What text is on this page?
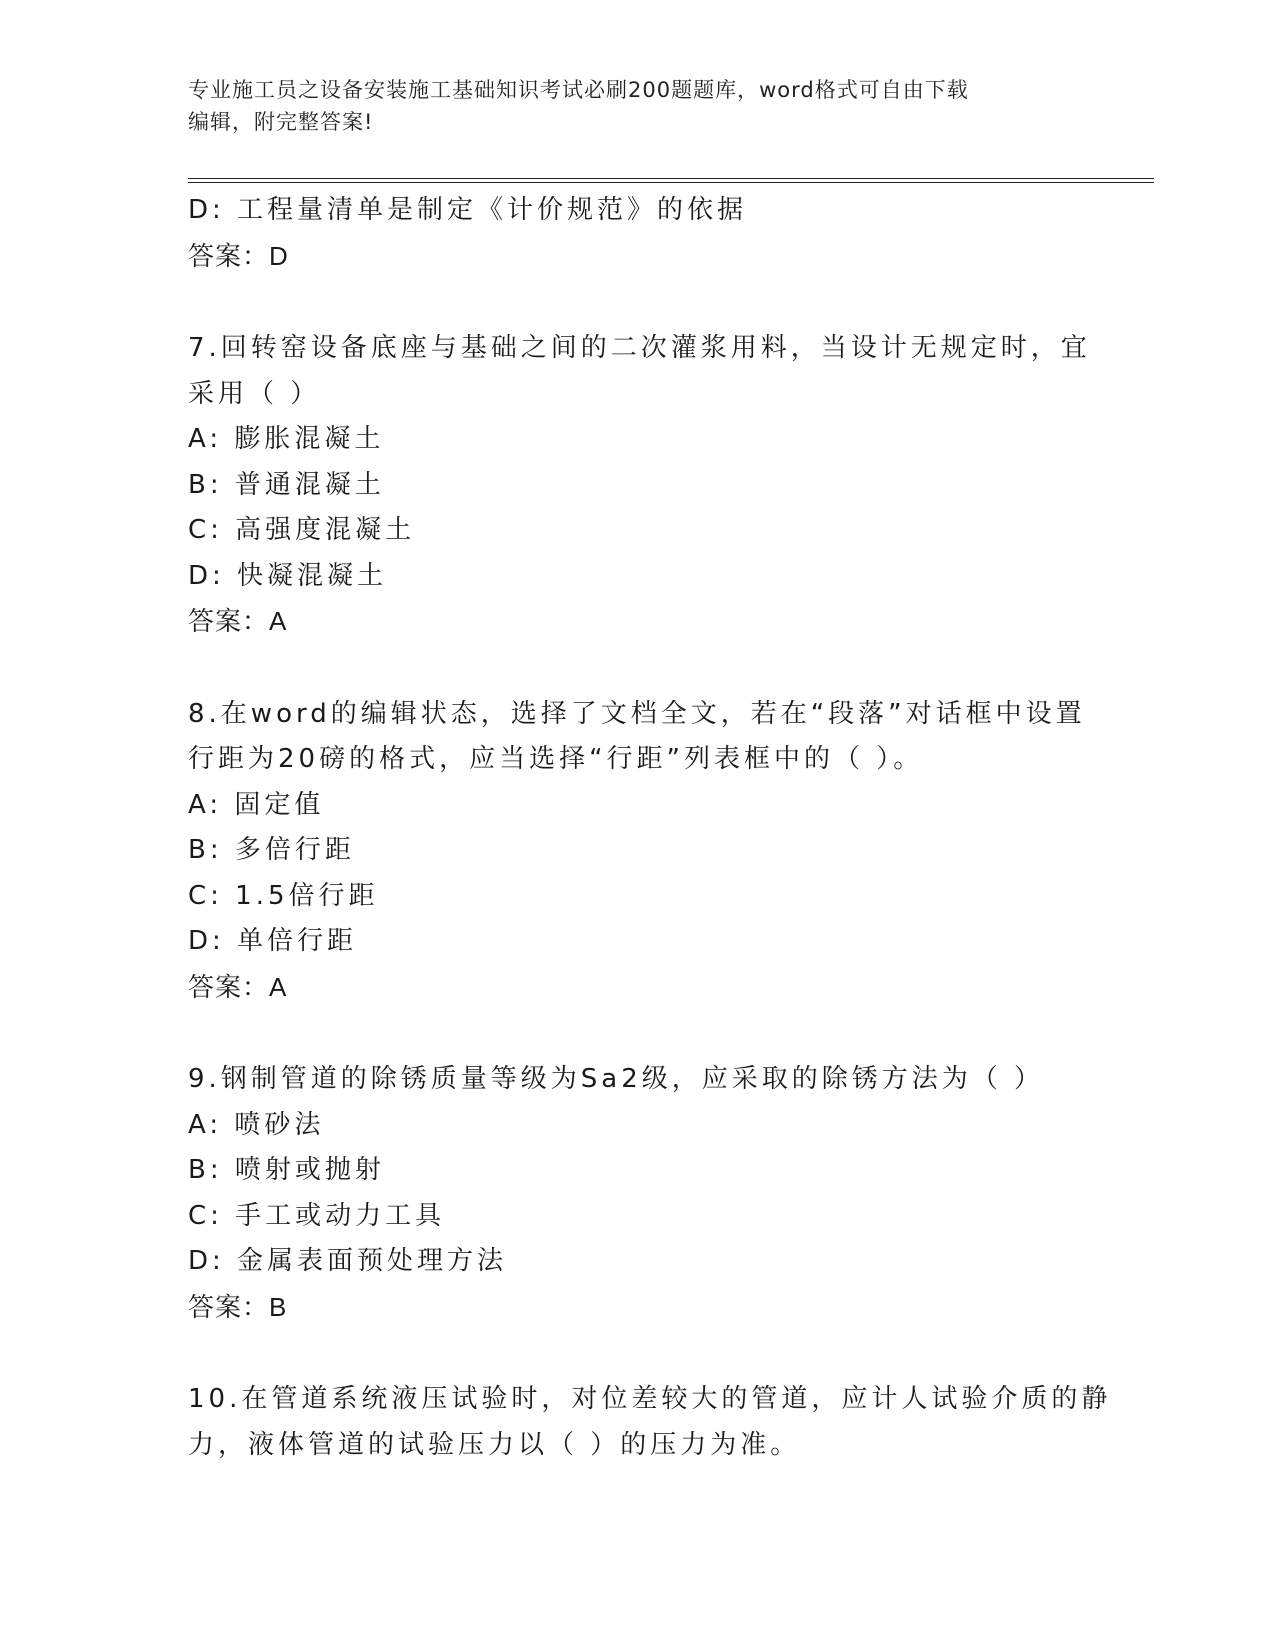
专业施工员之设备安装施工基础知识考试必刷200题题库，word格式可自由下载
编辑，附完整答案!
D: 工程量清单是制定《计价规范》的依据
答案：D
7.回转窑设备底座与基础之间的二次灌浆用料，当设计无规定时，宜
采用（ ）
A: 膨胀混凝土
B: 普通混凝土
C: 高强度混凝土
D: 快凝混凝土
答案：A
8.在word的编辑状态，选择了文档全文，若在“段落”对话框中设置
行距为20磅的格式，应当选择“行距”列表框中的（ ）。
A: 固定值
B: 多倍行距
C: 1.5倍行距
D: 单倍行距
答案：A
9.钢制管道的除锈质量等级为Sa2级，应采取的除锈方法为（ ）
A: 喷砂法
B: 喷射或抛射
C: 手工或动力工具
D: 金属表面预处理方法
答案：B
10.在管道系统液压试验时，对位差较大的管道，应计人试验介质的静
力，液体管道的试验压力以（ ）的压力为准。
